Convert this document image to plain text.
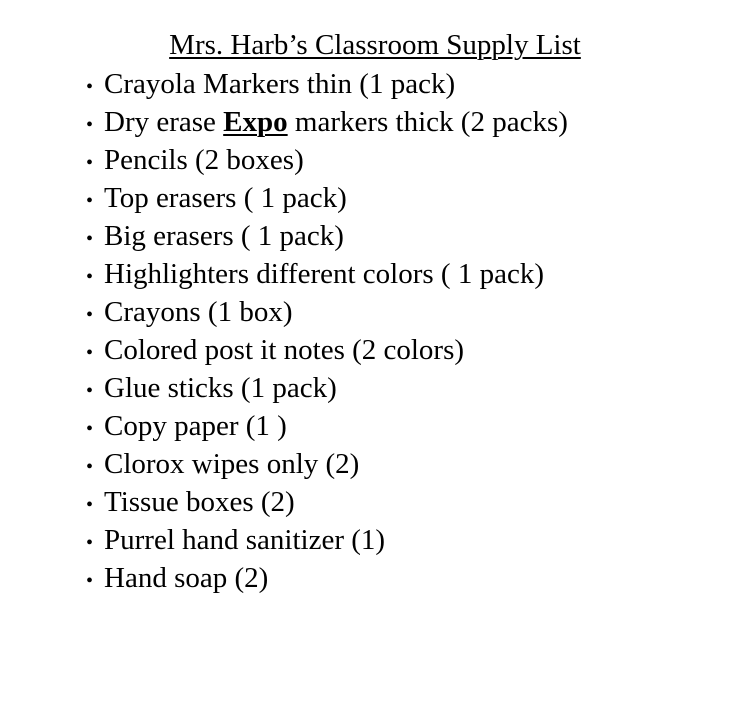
Mrs. Harb’s Classroom Supply List
• Crayola Markers thin (1 pack)
• Dry erase Expo markers thick (2 packs)
• Pencils (2 boxes)
• Top erasers ( 1 pack)
• Big erasers ( 1 pack)
• Highlighters different colors ( 1 pack)
• Crayons (1 box)
• Colored post it notes (2 colors)
• Glue sticks (1 pack)
• Copy paper (1 )
• Clorox wipes only (2)
• Tissue boxes (2)
• Purrel hand sanitizer (1)
• Hand soap (2)
